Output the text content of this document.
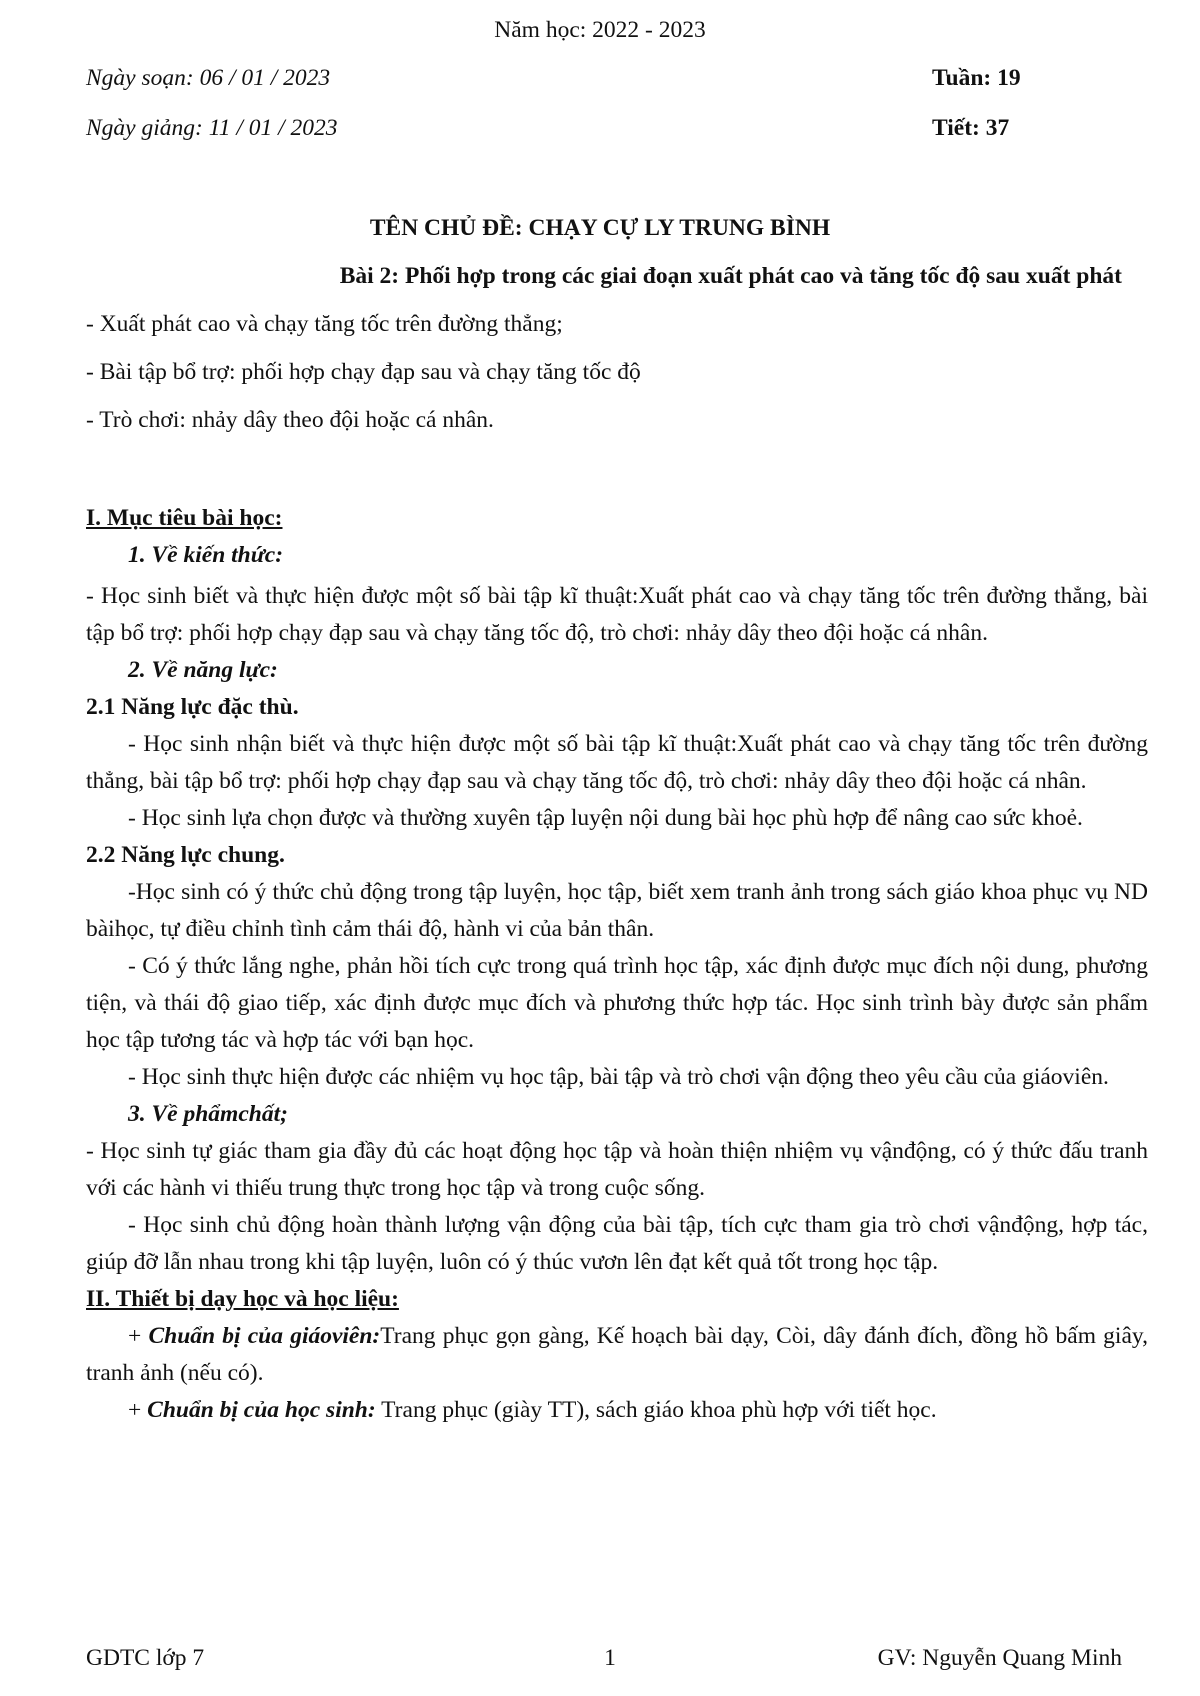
Năm học: 2022 - 2023
Ngày soạn: 06 / 01 / 2023	Tuần: 19
Ngày giảng: 11 / 01 / 2023	Tiết: 37
TÊN CHỦ ĐỀ: CHẠY CỰ LY TRUNG BÌNH
Bài 2: Phối hợp trong các giai đoạn xuất phát cao và tăng tốc độ sau xuất phát
- Xuất phát cao và chạy tăng tốc trên đường thẳng;
- Bài tập bổ trợ: phối hợp chạy đạp sau và chạy tăng tốc độ
- Trò chơi: nhảy dây theo đội hoặc cá nhân.
I. Mục tiêu bài học:
1. Về kiến thức:

- Học sinh biết và thực hiện được một số bài tập kĩ thuật:Xuất phát cao và chạy tăng tốc trên đường thẳng, bài tập bổ trợ: phối hợp chạy đạp sau và chạy tăng tốc độ, trò chơi: nhảy dây theo đội hoặc cá nhân.

2. Về năng lực:

2.1 Năng lực đặc thù.

- Học sinh nhận biết và thực hiện được một số bài tập kĩ thuật:Xuất phát cao và chạy tăng tốc trên đường thẳng, bài tập bổ trợ: phối hợp chạy đạp sau và chạy tăng tốc độ, trò chơi: nhảy dây theo đội hoặc cá nhân.

- Học sinh lựa chọn được và thường xuyên tập luyện nội dung bài học phù hợp để nâng cao sức khoẻ.

2.2 Năng lực chung.

-Học sinh có ý thức chủ động trong tập luyện, học tập, biết xem tranh ảnh trong sách giáo khoa phục vụ ND bàihọc, tự điều chỉnh tình cảm thái độ, hành vi của bản thân.

- Có ý thức lắng nghe, phản hồi tích cực trong quá trình học tập, xác định được mục đích nội dung, phương tiện, và thái độ giao tiếp, xác định được mục đích và phương thức hợp tác. Học sinh trình bày được sản phẩm học tập tương tác và hợp tác với bạn học.

- Học sinh thực hiện được các nhiệm vụ học tập, bài tập và trò chơi vận động theo yêu cầu của giáoviên.

3. Về phẩmchất;

- Học sinh tự giác tham gia đầy đủ các hoạt động học tập và hoàn thiện nhiệm vụ vậnđộng, có ý thức đấu tranh với các hành vi thiếu trung thực trong học tập và trong cuộc sống.

- Học sinh chủ động hoàn thành lượng vận động của bài tập, tích cực tham gia trò chơi vậnđộng, hợp tác, giúp đỡ lẫn nhau trong khi tập luyện, luôn có ý thúc vươn lên đạt kết quả tốt trong học tập.

II. Thiết bị dạy học và học liệu:

+ Chuẩn bị của giáoviên:Trang phục gọn gàng, Kế hoạch bài dạy, Còi, dây đánh đích, đồng hồ bấm giây, tranh ảnh (nếu có).

+ Chuẩn bị của học sinh: Trang phục (giày TT), sách giáo khoa phù hợp với tiết học.

GDTC lớp 7	1	GV: Nguyễn Quang Minh
